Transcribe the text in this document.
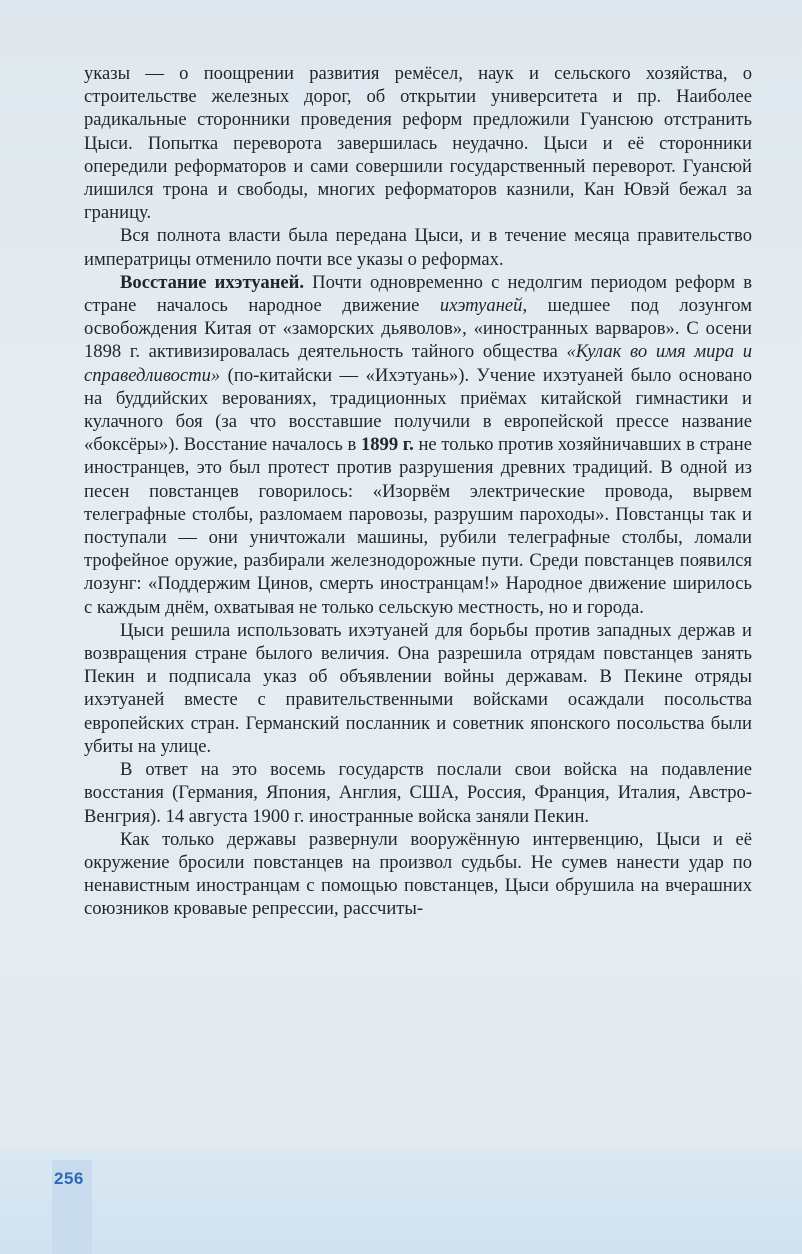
указы — о поощрении развития ремёсел, наук и сельского хозяйства, о строительстве железных дорог, об открытии университета и пр. Наиболее радикальные сторонники проведения реформ предложили Гуансюю отстранить Цыси. Попытка переворота завершилась неудачно. Цыси и её сторонники опередили реформаторов и сами совершили государственный переворот. Гуансюй лишился трона и свободы, многих реформаторов казнили, Кан Ювэй бежал за границу.

Вся полнота власти была передана Цыси, и в течение месяца правительство императрицы отменило почти все указы о реформах.

Восстание ихэтуаней. Почти одновременно с недолгим периодом реформ в стране началось народное движение ихэтуаней, шедшее под лозунгом освобождения Китая от «заморских дьяволов», «иностранных варваров». С осени 1898 г. активизировалась деятельность тайного общества «Кулак во имя мира и справедливости» (по-китайски — «Ихэтуань»). Учение ихэтуаней было основано на буддийских верованиях, традиционных приёмах китайской гимнастики и кулачного боя (за что восставшие получили в европейской прессе название «боксёры»). Восстание началось в 1899 г. не только против хозяйничавших в стране иностранцев, это был протест против разрушения древних традиций. В одной из песен повстанцев говорилось: «Изорвём электрические провода, вырвем телеграфные столбы, разломаем паровозы, разрушим пароходы». Повстанцы так и поступали — они уничтожали машины, рубили телеграфные столбы, ломали трофейное оружие, разбирали железнодорожные пути. Среди повстанцев появился лозунг: «Поддержим Цинов, смерть иностранцам!» Народное движение ширилось с каждым днём, охватывая не только сельскую местность, но и города.

Цыси решила использовать ихэтуаней для борьбы против западных держав и возвращения стране былого величия. Она разрешила отрядам повстанцев занять Пекин и подписала указ об объявлении войны державам. В Пекине отряды ихэтуаней вместе с правительственными войсками осаждали посольства европейских стран. Германский посланник и советник японского посольства были убиты на улице.

В ответ на это восемь государств послали свои войска на подавление восстания (Германия, Япония, Англия, США, Россия, Франция, Италия, Австро-Венгрия). 14 августа 1900 г. иностранные войска заняли Пекин.

Как только державы развернули вооружённую интервенцию, Цыси и её окружение бросили повстанцев на произвол судьбы. Не сумев нанести удар по ненавистным иностранцам с помощью повстанцев, Цыси обрушила на вчерашних союзников кровавые репрессии, рассчиты-

256
